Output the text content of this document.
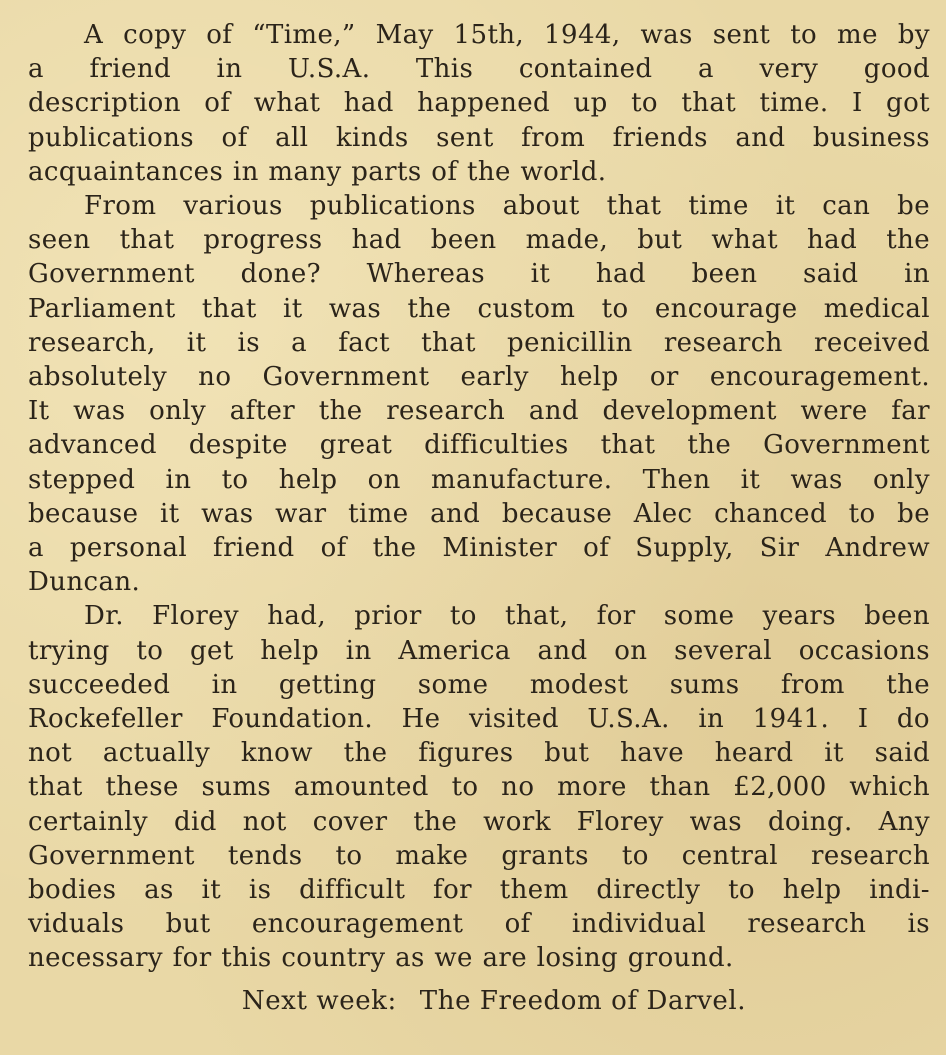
A copy of “Time,” May 15th, 1944, was sent to me by
a friend in U.S.A. This contained a very good
description of what had happened up to that time. I got
publications of all kinds sent from friends and business
acquaintances in many parts of the world.

From various publications about that time it can be
seen that progress had been made, but what had the
Government done? Whereas it had been said in
Parliament that it was the custom to encourage medical
research, it is a fact that penicillin research received
absolutely no Government early help or encouragement.
It was only after the research and development were far
advanced despite great difficulties that the Government
stepped in to help on manufacture. Then it was only
because it was war time and because Alec chanced to be
a personal friend of the Minister of Supply, Sir Andrew
Duncan.

Dr. Florey had, prior to that, for some years been
trying to get help in America and on several occasions
succeeded in getting some modest sums from the
Rockefeller Foundation. He visited U.S.A. in 1941. I do
not actually know the figures but have heard it said
that these sums amounted to no more than £2,000 which
certainly did not cover the work Florey was doing. Any
Government tends to make grants to central research
bodies as it is difficult for them directly to help indi-
viduals but encouragement of individual research is
necessary for this country as we are losing ground.

Next week: The Freedom of Darvel.
